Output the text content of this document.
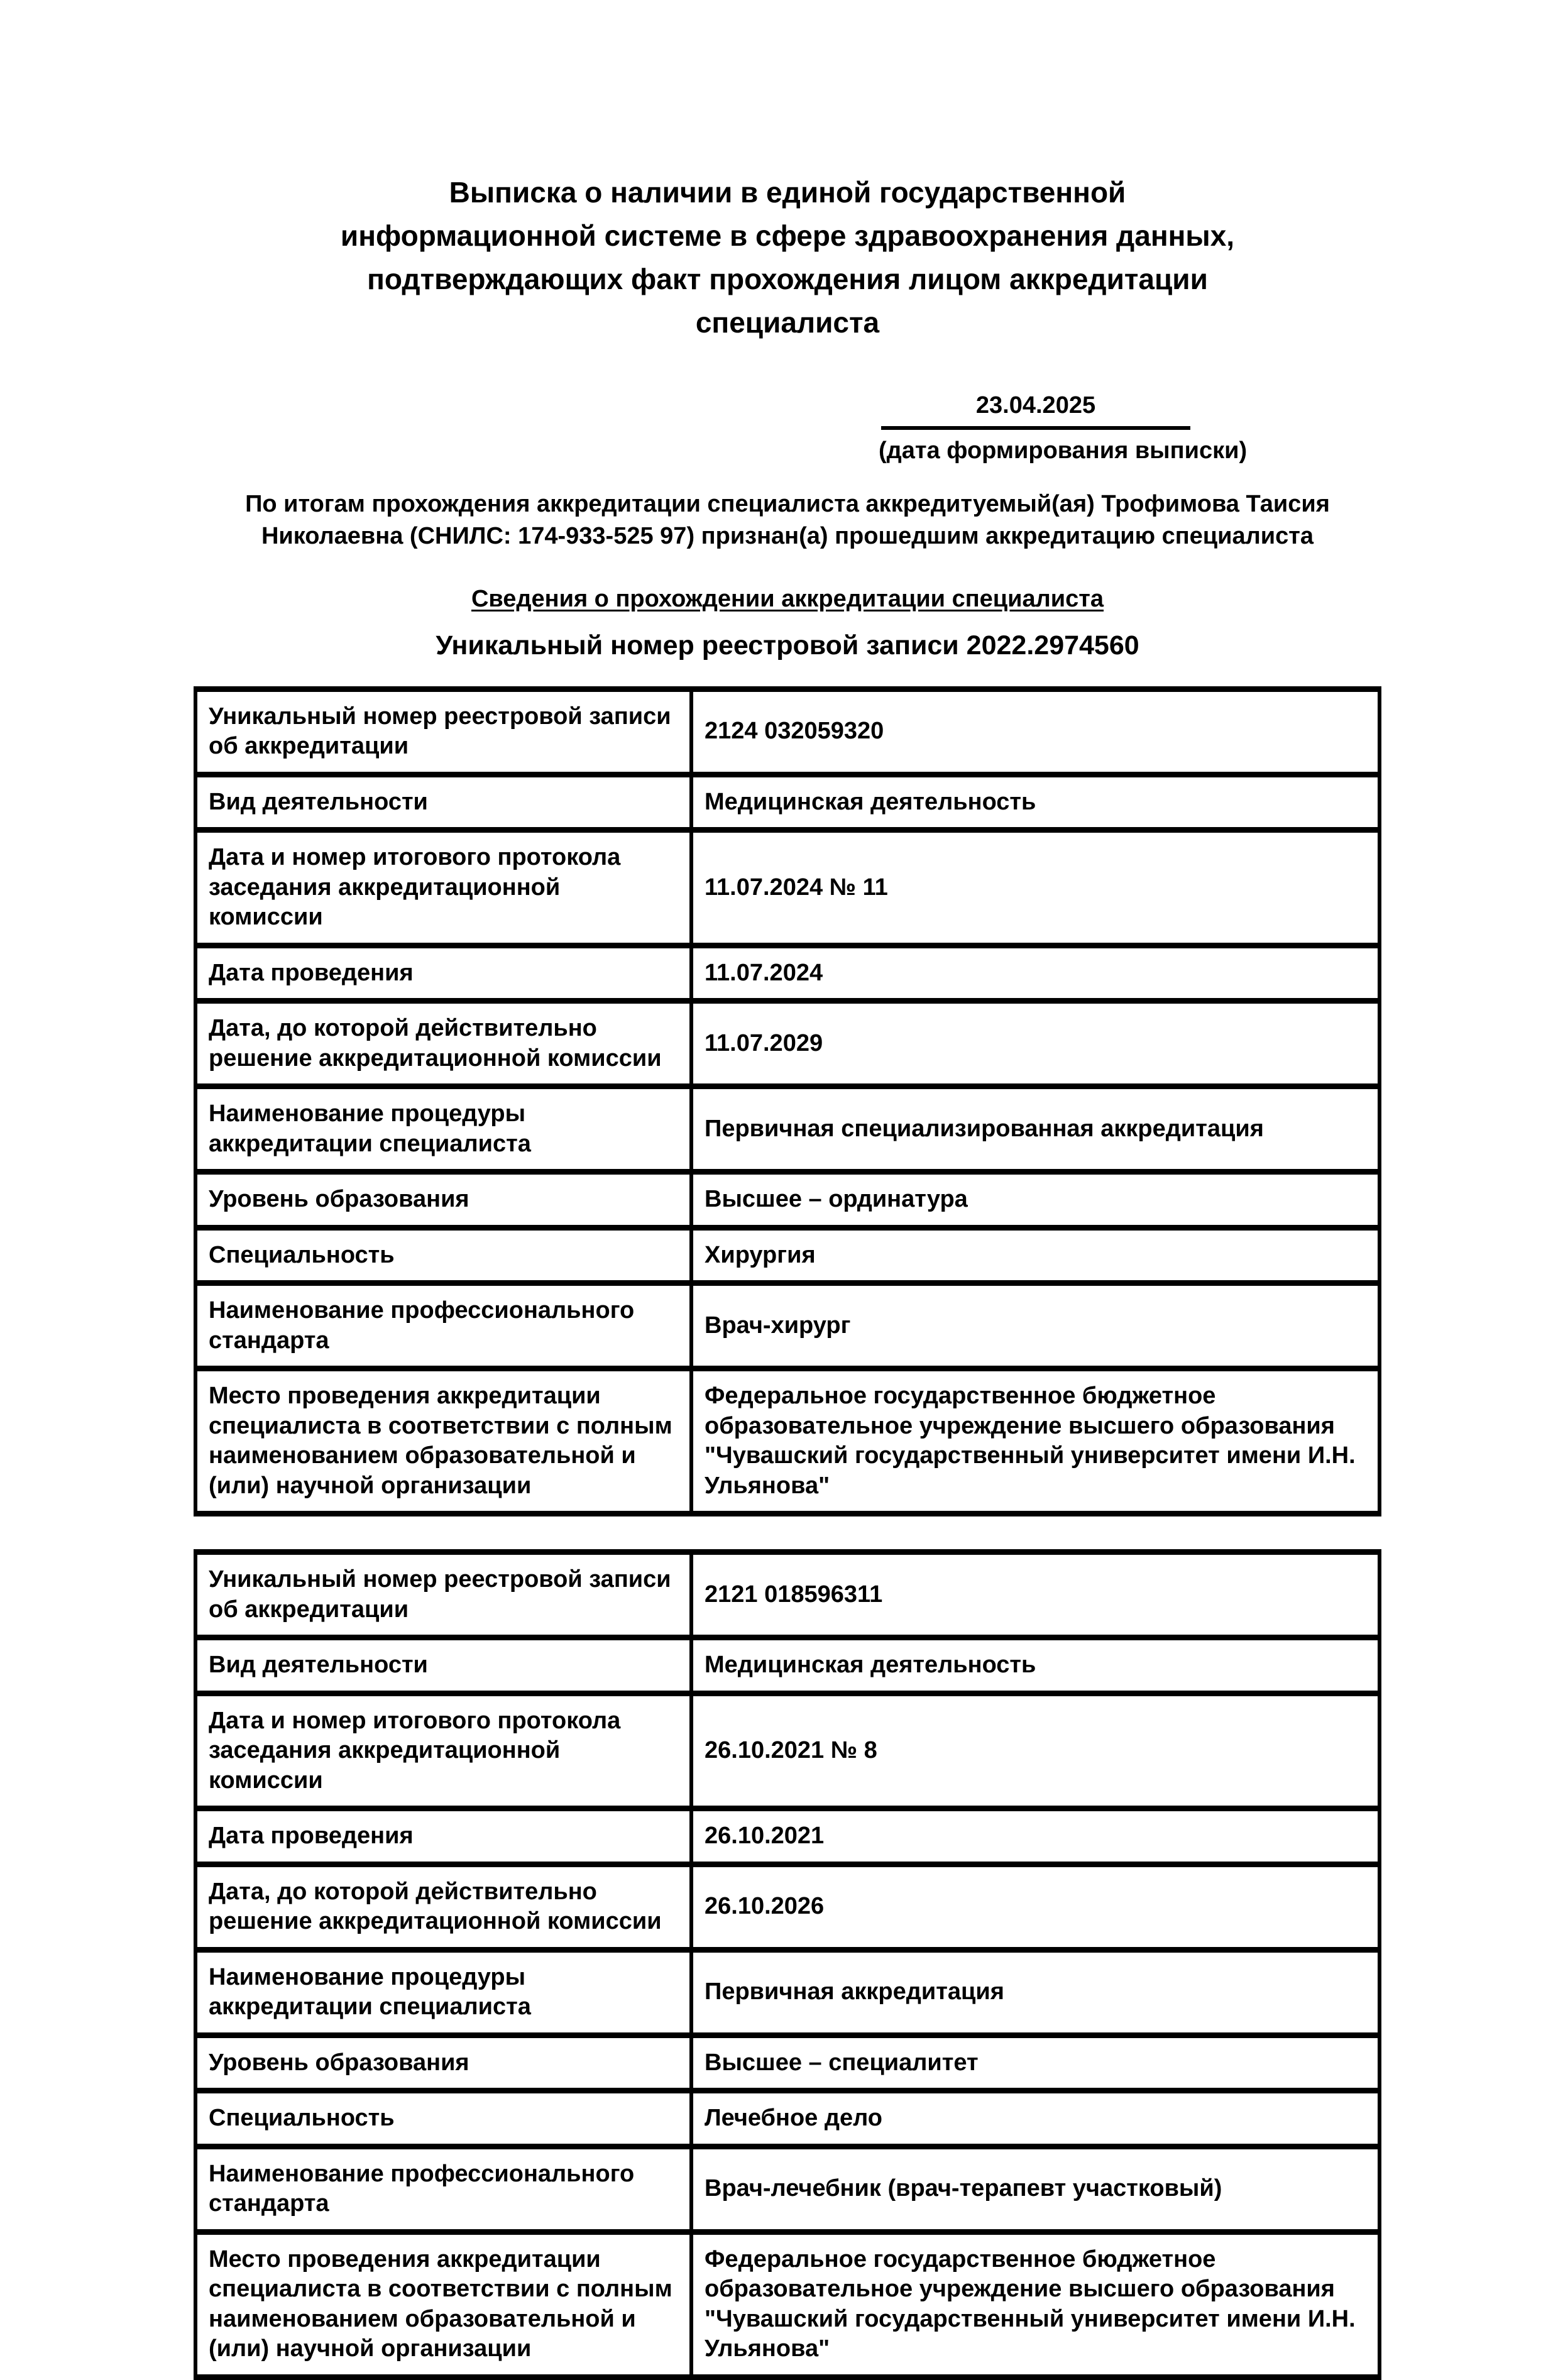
Выписка о наличии в единой государственной информационной системе в сфере здравоохранения данных, подтверждающих факт прохождения лицом аккредитации специалиста
23.04.2025
(дата формирования выписки)

По итогам прохождения аккредитации специалиста аккредитуемый(ая) Трофимова Таисия Николаевна (СНИЛС: 174-933-525 97) признан(а) прошедшим аккредитацию специалиста

Сведения о прохождении аккредитации специалиста
Уникальный номер реестровой записи 2022.2974560
Уникальный номер реестровой записи об аккредитации	2124 032059320
Вид деятельности	Медицинская деятельность
Дата и номер итогового протокола заседания аккредитационной комиссии	11.07.2024 № 11
Дата проведения	11.07.2024
Дата, до которой действительно решение аккредитационной комиссии	11.07.2029
Наименование процедуры аккредитации специалиста	Первичная специализированная аккредитация
Уровень образования	Высшее – ординатура
Специальность	Хирургия
Наименование профессионального стандарта	Врач-хирург
Место проведения аккредитации специалиста в соответствии с полным наименованием образовательной и (или) научной организации	Федеральное государственное бюджетное образовательное учреждение высшего образования "Чувашский государственный университет имени И.Н. Ульянова"
Уникальный номер реестровой записи об аккредитации	2121 018596311
Вид деятельности	Медицинская деятельность
Дата и номер итогового протокола заседания аккредитационной комиссии	26.10.2021 № 8
Дата проведения	26.10.2021
Дата, до которой действительно решение аккредитационной комиссии	26.10.2026
Наименование процедуры аккредитации специалиста	Первичная аккредитация
Уровень образования	Высшее – специалитет
Специальность	Лечебное дело
Наименование профессионального стандарта	Врач-лечебник (врач-терапевт участковый)
Место проведения аккредитации специалиста в соответствии с полным наименованием образовательной и (или) научной организации	Федеральное государственное бюджетное образовательное учреждение высшего образования "Чувашский государственный университет имени И.Н. Ульянова"
